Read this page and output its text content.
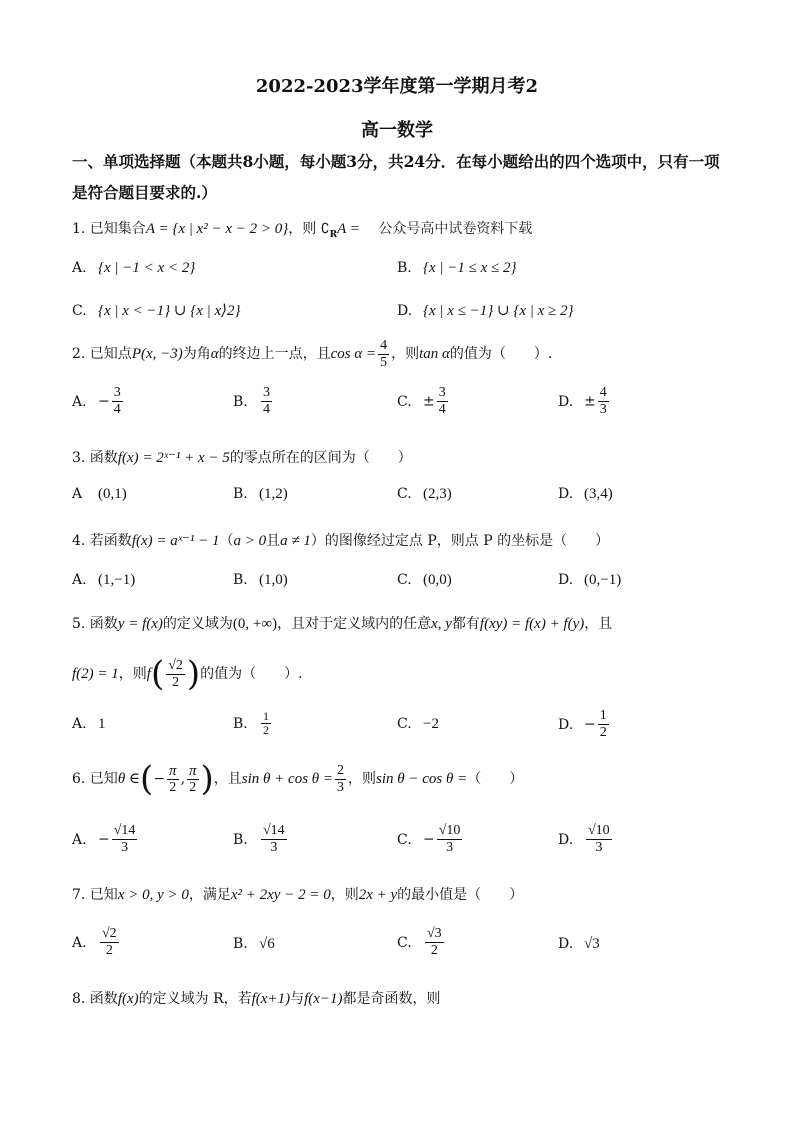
2022-2023学年度第一学期月考2
高一数学
一、单项选择题（本题共8小题，每小题3分，共24分．在每小题给出的四个选项中，只有一项是符合题目要求的.）
1. 已知集合A = {x | x² − x − 2 > 0}，则 $∁_RA$ = 公众号高中试卷资料下载
A. {x | −1 < x < 2}	B. {x | −1 ≤ x ≤ 2}
C. {x | x < −1} ∪ {x | x⟩2}	D. {x | x ≤ −1} ∪ {x | x ≥ 2}
2. 已知点P(x, −3)为角α的终边上一点，且$\cos \alpha = \frac{4}{5}$ ，则tan α的值为（　　）.
A. − $\frac{3}{4}$	B. $\frac{3}{4}$	C. ± $\frac{3}{4}$	D. ± $\frac{4}{3}$
3. 函数f(x) = 2ˣ⁻¹ + x − 5的零点所在的区间为（　　）
A (0,1)	B. (1,2)	C. (2,3)	D. (3,4)
4. 若函数f(x) = aˣ⁻¹ − 1（a > 0且a ≠ 1）的图像经过定点 P，则点 P 的坐标是（　　）
A. (1,−1)	B. (1,0)	C. (0,0)	D. (0,−1)
5. 函数y = f(x)的定义域为(0, +∞)，且对于定义域内的任意x, y都有f(xy) = f(x) + f(y)，且
f(2) = 1，则$f( \frac{√2}{2}$ )的值为（　　）.
A. 1	B. $\frac{1}{2}$	C. −2	D. − $\frac{1}{2}$
6. 已知θ ∈(− $\frac{\pi}{2}$ , $\frac{\pi}{2}$ )，且$\sin \theta + \cos \theta = \frac{2}{3}$ ，则sin θ − cos θ =（　　）
A. − $\frac{√14}{3}$	B. $\frac{√14}{3}$	C. − $\frac{√10}{3}$	D. $\frac{√10}{3}$
7. 已知x > 0, y > 0，满足x² + 2xy − 2 = 0，则2x + y的最小值是（　　）
A. $\frac{√2}{2}$	B. √6	C. $\frac{√3}{2}$	D. √3
8. 函数f(x)的定义域为 R，若f(x+1)与f(x−1)都是奇函数，则
